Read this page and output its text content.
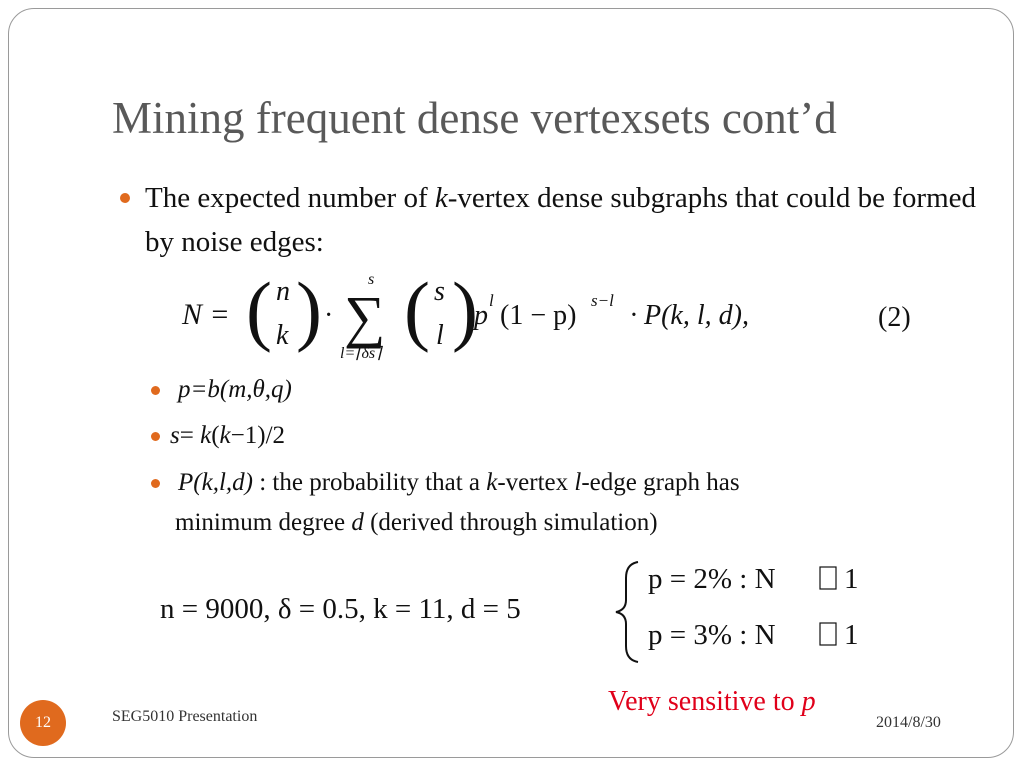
Mining frequent dense vertexsets cont’d
The expected number of k-vertex dense subgraphs that could be formed by noise edges:
N = ( n
k ) ·
s
∑
l=⌈δs⌉
( s
l )
p l (1 − p) s−l · P(k, l, d),	(2)
p=b(m,θ,q)
s= k(k−1)/2
P(k,l,d) : the probability that a k-vertex l-edge graph has
minimum degree d (derived through simulation)
n = 9000, δ = 0.5, k = 11, d = 5
p = 2% : N 1
p = 3% : N 1
Very sensitive to p
12	SEG5010 Presentation	2014/8/30
